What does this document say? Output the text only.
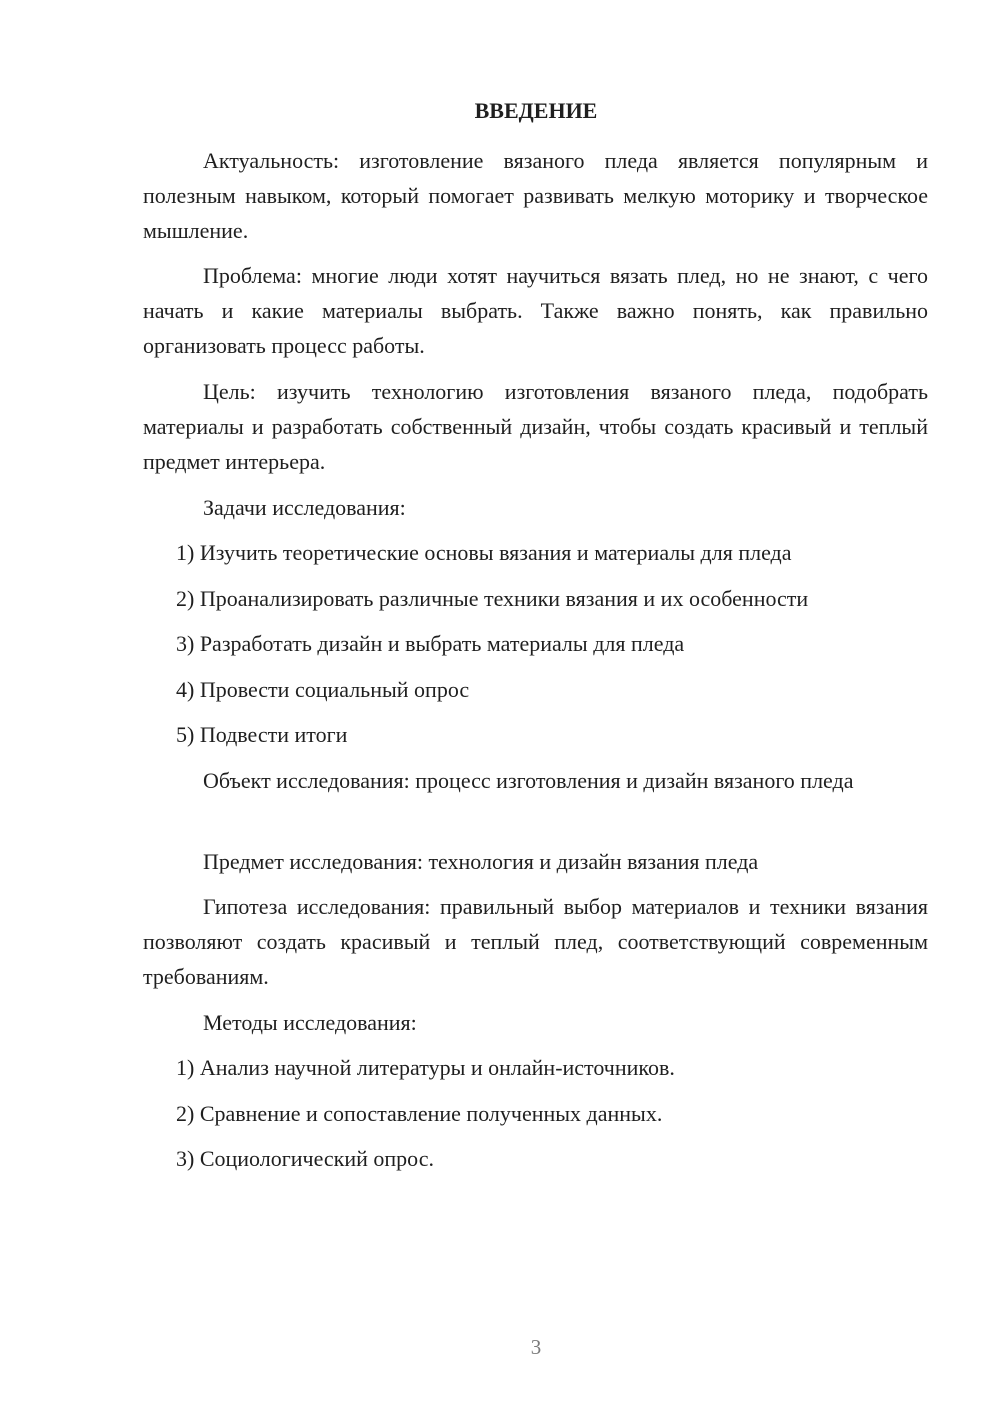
ВВЕДЕНИЕ

Актуальность: изготовление вязаного пледа является популярным и полезным навыком, который помогает развивать мелкую моторику и творческое мышление.

Проблема: многие люди хотят научиться вязать плед, но не знают, с чего начать и какие материалы выбрать. Также важно понять, как правильно организовать процесс работы.

Цель: изучить технологию изготовления вязаного пледа, подобрать материалы и разработать собственный дизайн, чтобы создать красивый и теплый предмет интерьера.

Задачи исследования:

1) Изучить теоретические основы вязания и материалы для пледа

2) Проанализировать различные техники вязания и их особенности

3) Разработать дизайн и выбрать материалы для пледа

4) Провести социальный опрос

5) Подвести итоги

Объект исследования: процесс изготовления и дизайн вязаного пледа

Предмет исследования: технология и дизайн вязания пледа

Гипотеза исследования: правильный выбор материалов и техники вязания позволяют создать красивый и теплый плед, соответствующий современным требованиям.

Методы исследования:

1) Анализ научной литературы и онлайн-источников.

2) Сравнение и сопоставление полученных данных.

3) Социологический опрос.

3
